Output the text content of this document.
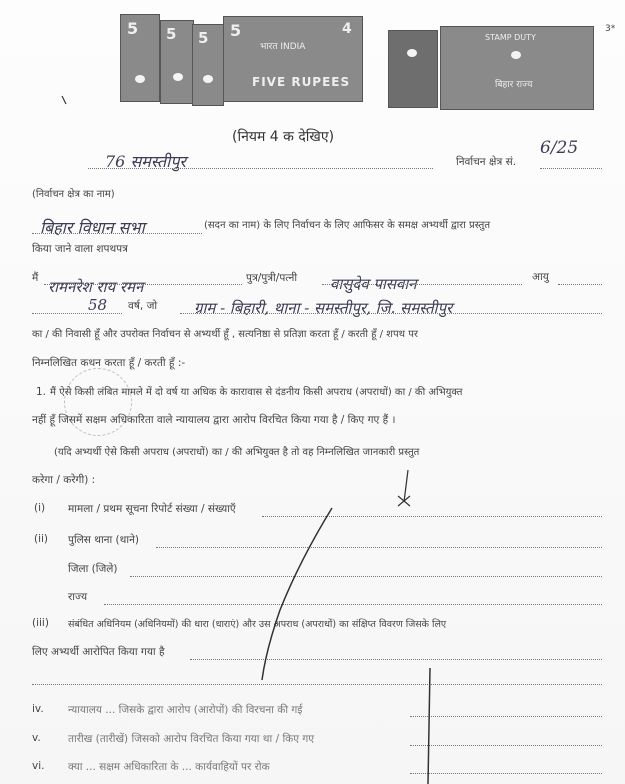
5 5 5 5	4
भारत INDIA
FIVE RUPEES
STAMP DUTY
बिहार राज्य
3*
(नियम 4 क देखिए)
6/25
76 समस्तीपुर	निर्वाचन क्षेत्र सं.
(निर्वाचन क्षेत्र का नाम)
बिहार विधान सभा	(सदन का नाम) के लिए निर्वाचन के लिए आफिसर के समक्ष अभ्यर्थी द्वारा प्रस्तुत
किया जाने वाला शपथपत्र
मैं रामनरेश राय रमन	पुत्र/पुत्री/पत्नी वासुदेव पासवान	आयु
58 वर्ष, जो ग्राम - बिहारी, थाना - समस्तीपुर, जि. समस्तीपुर
का / की निवासी हूँ और उपरोक्त निर्वाचन से अभ्यर्थी हूँ , सत्यनिष्ठा से प्रतिज्ञा करता हूँ / करती हूँ / शपथ पर
निम्नलिखित कथन करता हूँ / करती हूँ :-
1. मैं ऐसे किसी लंबित मामले में दो वर्ष या अधिक के कारावास से दंडनीय किसी अपराध (अपराधों) का / की अभियुक्त
नहीं हूँ जिसमें सक्षम अधिकारिता वाले न्यायालय द्वारा आरोप विरचित किया गया है / किए गए हैं ।
(यदि अभ्यर्थी ऐसे किसी अपराध (अपराधों) का / की अभियुक्त है तो वह निम्नलिखित जानकारी प्रस्तुत
करेगा / करेगी) :
(i) मामला / प्रथम सूचना रिपोर्ट संख्या / संख्याएँ
(ii) पुलिस थाना (थाने)
जिला (जिले)
राज्य
(iii) संबंधित अधिनियम (अधिनियमों) की धारा (धाराएं) और उस अपराध (अपराधों) का संक्षिप्त विवरण जिसके लिए
लिए अभ्यर्थी आरोपित किया गया है
iv. न्यायालय ... जिसके द्वारा आरोप (आरोपों) की विरचना की गई
v.	तारीख (तारीखें) जिसको आरोप विरचित किया गया था / किए गए
vi. क्या ... सक्षम अधिकारिता के ... कार्यवाहियों पर रोक
